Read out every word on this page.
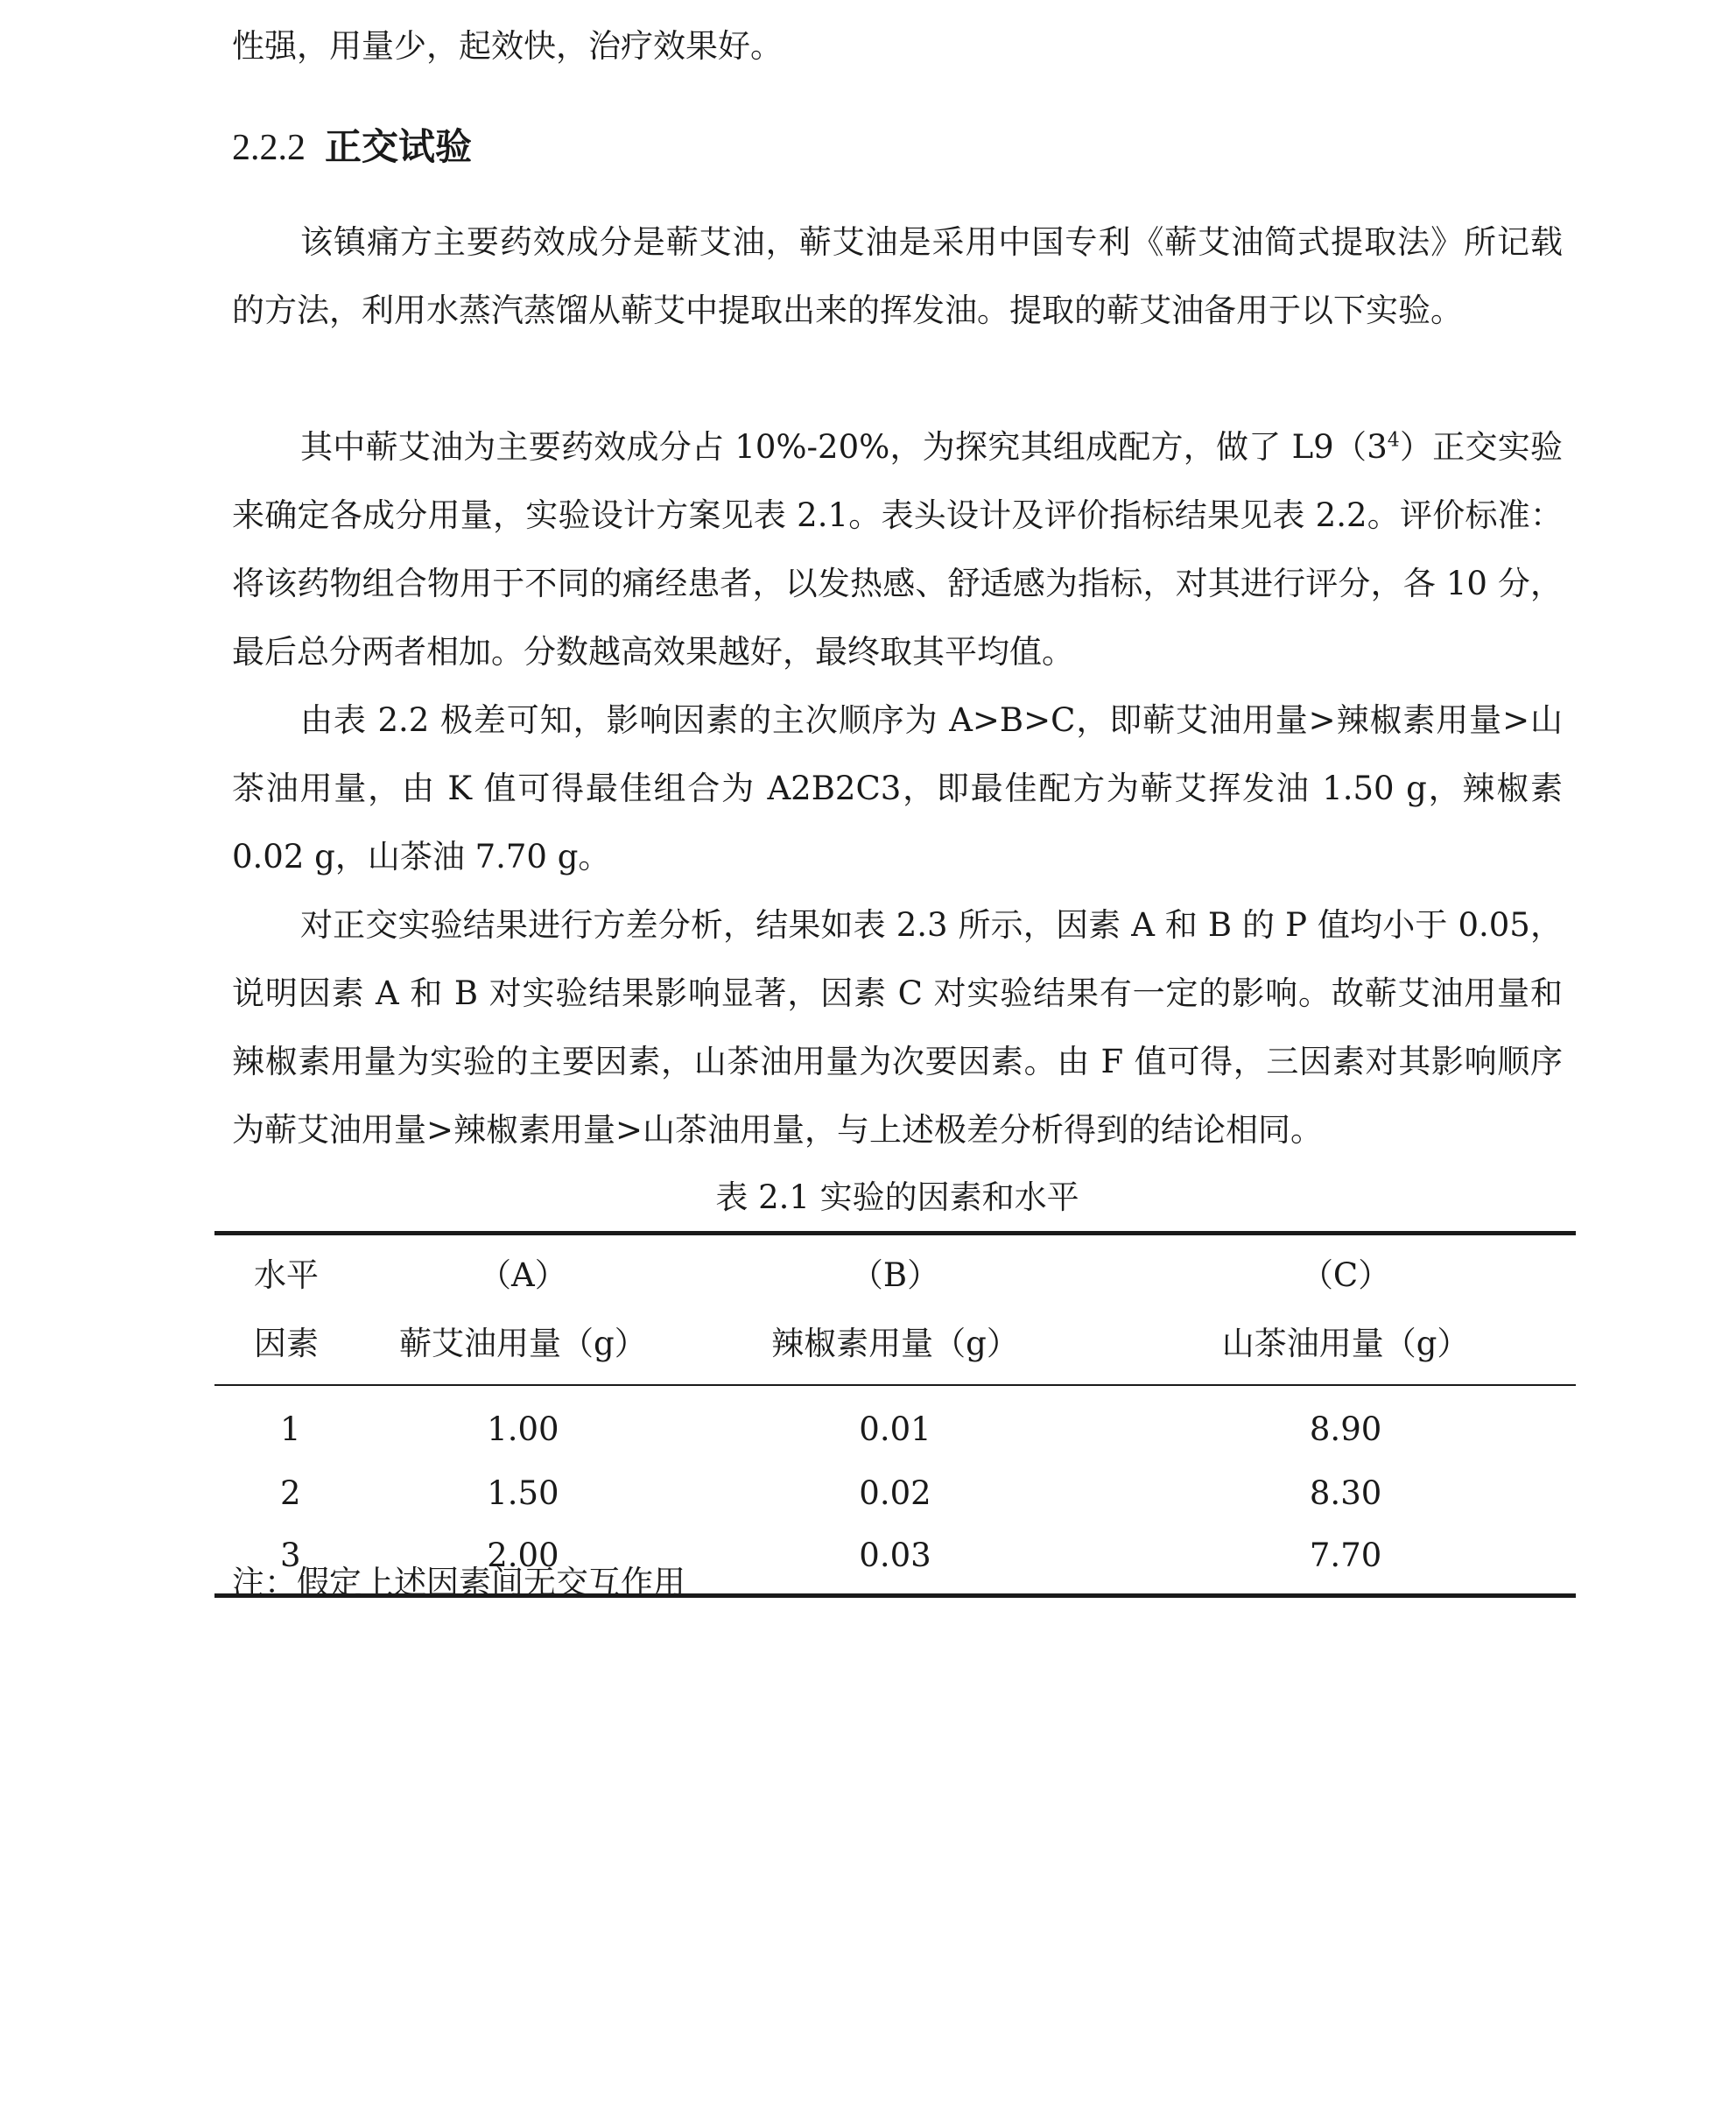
性强，用量少，起效快，治疗效果好。

2.2.2 正交试验

该镇痛方主要药效成分是蕲艾油，蕲艾油是采用中国专利《蕲艾油简式提取法》所记载的方法，利用水蒸汽蒸馏从蕲艾中提取出来的挥发油。提取的蕲艾油备用于以下实验。

其中蕲艾油为主要药效成分占 10%-20%，为探究其组成配方，做了 $L9(3^4)$正交实验来确定各成分用量，实验设计方案见表 2.1。表头设计及评价指标结果见表 2.2。评价标准：将该药物组合物用于不同的痛经患者，以发热感、舒适感为指标，对其进行评分，各 10 分，最后总分两者相加。分数越高效果越好，最终取其平均值。

由表 2.2 极差可知，影响因素的主次顺序为 A>B>C，即蕲艾油用量>辣椒素用量>山茶油用量，由 K 值可得最佳组合为 A2B2C3，即最佳配方为蕲艾挥发油 1.50 g，辣椒素 0.02 g，山茶油 7.70 g。

对正交实验结果进行方差分析，结果如表 2.3 所示，因素 A 和 B 的 P 值均小于 0.05，说明因素 A 和 B 对实验结果影响显著，因素 C 对实验结果有一定的影响。故蕲艾油用量和辣椒素用量为实验的主要因素，山茶油用量为次要因素。由 F 值可得，三因素对其影响顺序为蕲艾油用量>辣椒素用量>山茶油用量，与上述极差分析得到的结论相同。

表 2.1 实验的因素和水平
水平	（A）	（B）	（C）
因素	蕲艾油用量（g）	辣椒素用量（g）	山茶油用量（g）
1	1.00	0.01	8.90
2	1.50	0.02	8.30
3	2.00	0.03	7.70
注：假定上述因素间无交互作用
